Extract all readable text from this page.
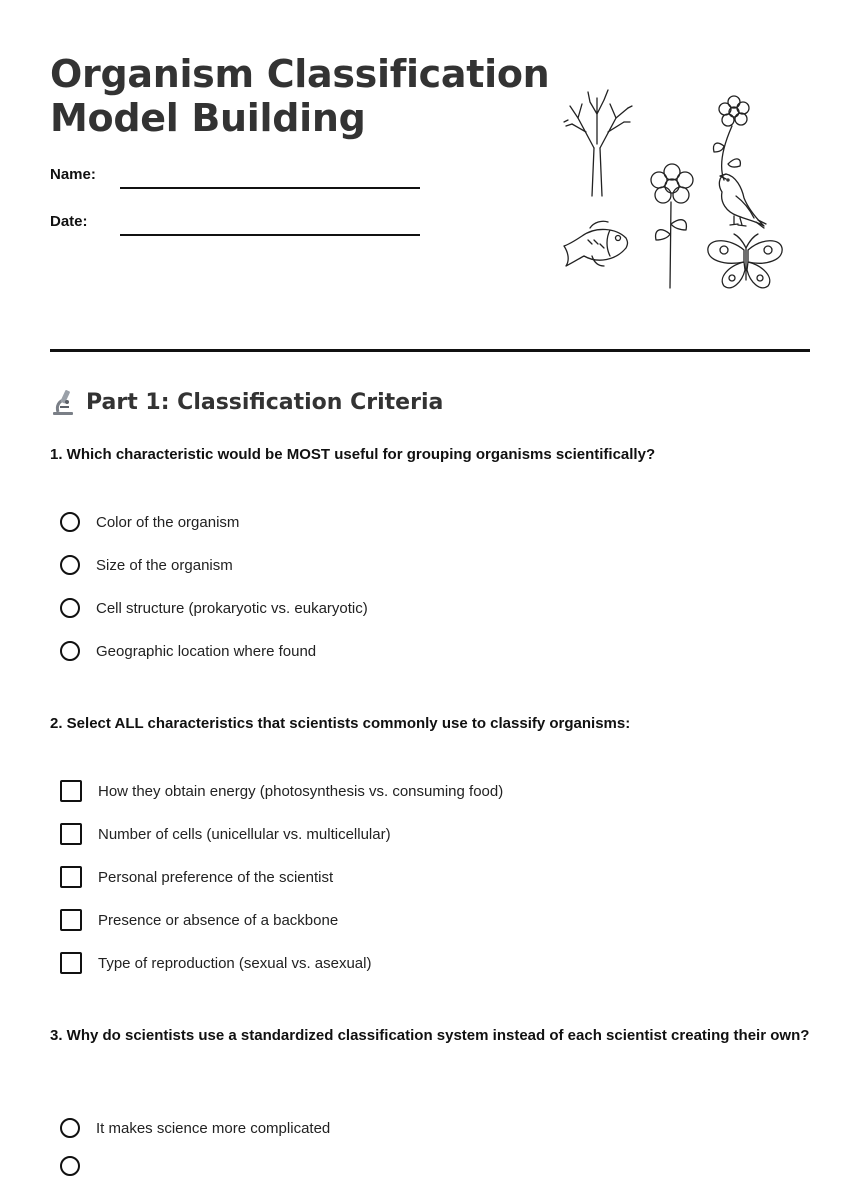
Organism Classification
Model Building
Name:
Date:
Part 1: Classification Criteria

1. Which characteristic would be MOST useful for grouping organisms scientifically?

Color of the organism
Size of the organism
Cell structure (prokaryotic vs. eukaryotic)
Geographic location where found

2. Select ALL characteristics that scientists commonly use to classify organisms:

How they obtain energy (photosynthesis vs. consuming food)
Number of cells (unicellular vs. multicellular)
Personal preference of the scientist
Presence or absence of a backbone
Type of reproduction (sexual vs. asexual)

3. Why do scientists use a standardized classification system instead of each scientist creating their own?

It makes science more complicated
